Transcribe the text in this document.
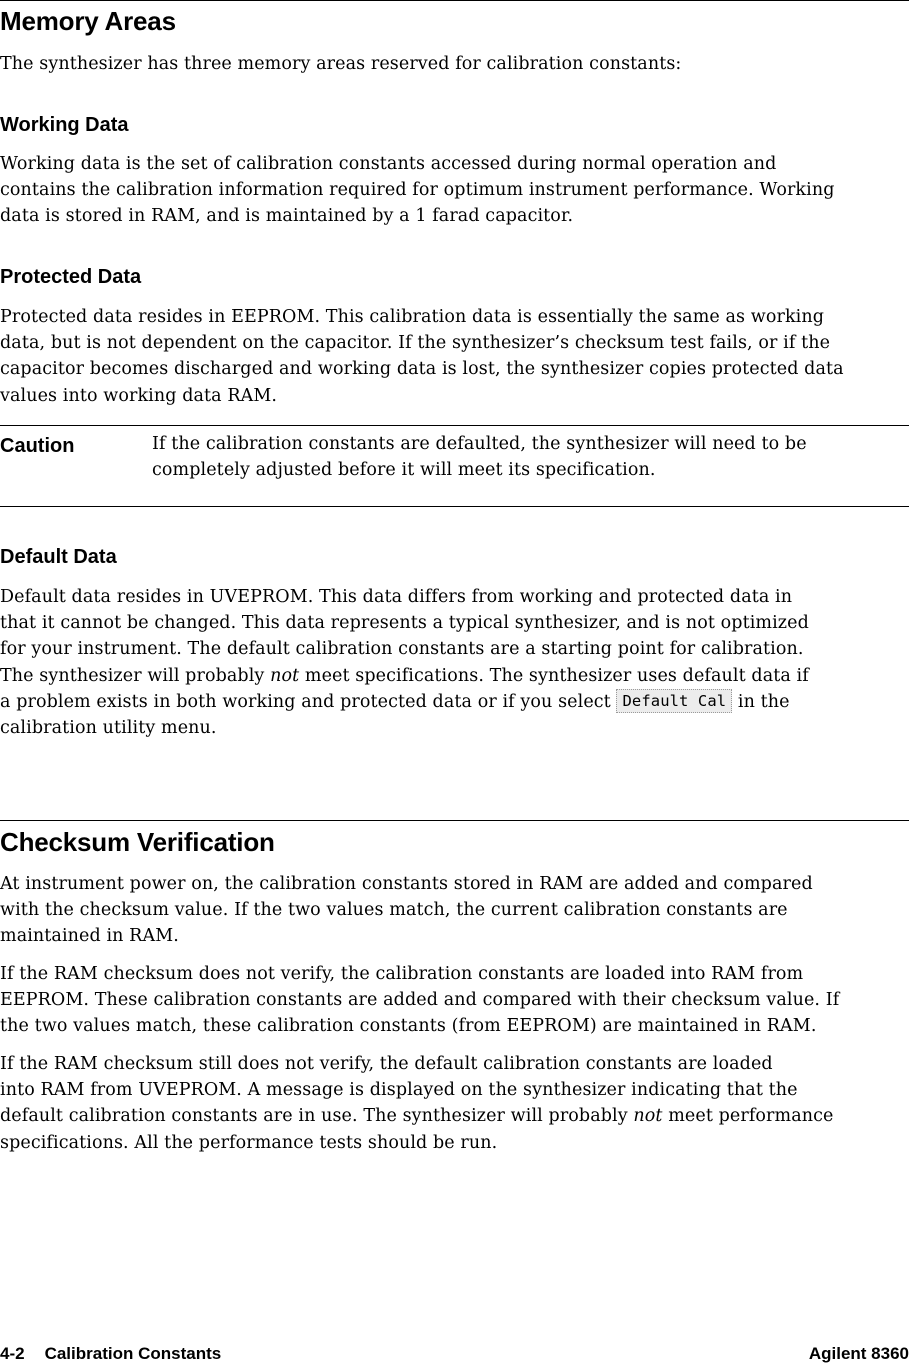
Memory Areas

The synthesizer has three memory areas reserved for calibration constants:

Working Data

Working data is the set of calibration constants accessed during normal operation and
contains the calibration information required for optimum instrument performance. Working
data is stored in RAM, and is maintained by a 1 farad capacitor.

Protected Data

Protected data resides in EEPROM. This calibration data is essentially the same as working
data, but is not dependent on the capacitor. If the synthesizer’s checksum test fails, or if the
capacitor becomes discharged and working data is lost, the synthesizer copies protected data
values into working data RAM.

Caution	If the calibration constants are defaulted, the synthesizer will need to be
completely adjusted before it will meet its specification.

Default Data

Default data resides in UVEPROM. This data differs from working and protected data in
that it cannot be changed. This data represents a typical synthesizer, and is not optimized
for your instrument. The default calibration constants are a starting point for calibration.
The synthesizer will probably not meet specifications. The synthesizer uses default data if
a problem exists in both working and protected data or if you select Default Cal in the
calibration utility menu.

Checksum Verification

At instrument power on, the calibration constants stored in RAM are added and compared
with the checksum value. If the two values match, the current calibration constants are
maintained in RAM.

If the RAM checksum does not verify, the calibration constants are loaded into RAM from
EEPROM. These calibration constants are added and compared with their checksum value. If
the two values match, these calibration constants (from EEPROM) are maintained in RAM.

If the RAM checksum still does not verify, the default calibration constants are loaded
into RAM from UVEPROM. A message is displayed on the synthesizer indicating that the
default calibration constants are in use. The synthesizer will probably not meet performance
specifications. All the performance tests should be run.

4-2 Calibration Constants	Agilent 8360
